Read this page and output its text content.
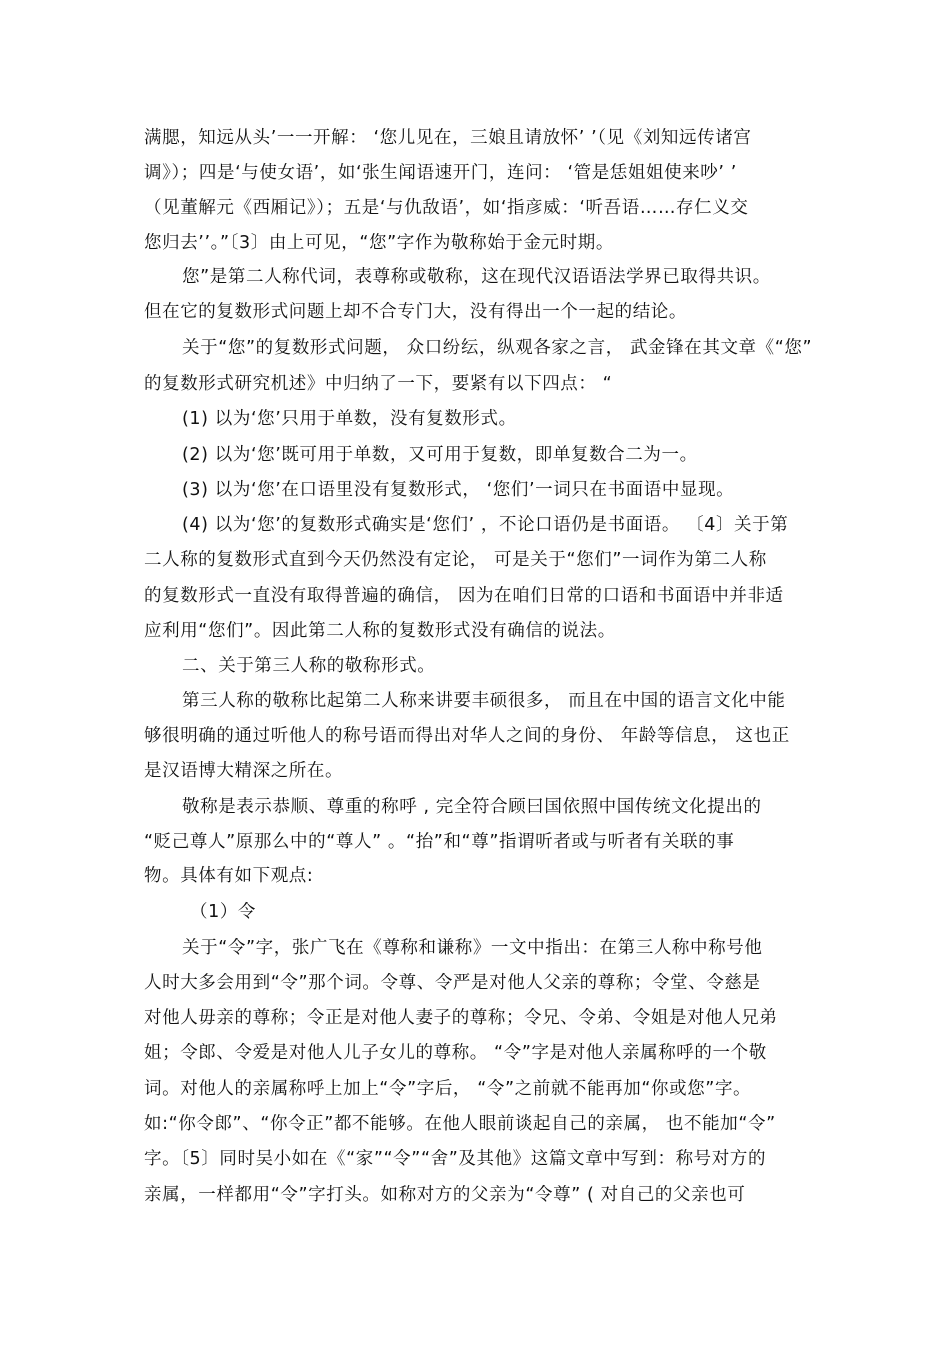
满腮，知远从头’一一开解： ‘您儿见在，三娘且请放怀’ ’（见《刘知远传诸宫
调》）；四是‘与使女语’，如‘张生闻语速开门，连问： ‘管是恁姐姐使来吵’ ’
（见董解元《西厢记》）；五是‘与仇敌语’，如‘指彦威：‘听吾语……存仁义交
您归去’’。”〔3〕由上可见，“您”字作为敬称始于金元时期。
您”是第二人称代词，表尊称或敬称，这在现代汉语语法学界已取得共识。
但在它的复数形式问题上却不合专门大，没有得出一个一起的结论。
关于“您”的复数形式问题， 众口纷纭，纵观各家之言， 武金锋在其文章《“您”
的复数形式研究机述》中归纳了一下，要紧有以下四点： “
(1) 以为‘您’只用于单数，没有复数形式。
(2) 以为‘您’既可用于单数，又可用于复数，即单复数合二为一。
(3) 以为‘您’在口语里没有复数形式， ‘您们’一词只在书面语中显现。
(4) 以为‘您’的复数形式确实是‘您们’ ，不论口语仍是书面语。 〔4〕关于第
二人称的复数形式直到今天仍然没有定论， 可是关于“您们”一词作为第二人称
的复数形式一直没有取得普遍的确信， 因为在咱们日常的口语和书面语中并非适
应利用“您们”。因此第二人称的复数形式没有确信的说法。
二、关于第三人称的敬称形式。
第三人称的敬称比起第二人称来讲要丰硕很多， 而且在中国的语言文化中能
够很明确的通过听他人的称号语而得出对华人之间的身份、 年龄等信息， 这也正
是汉语博大精深之所在。
敬称是表示恭顺、尊重的称呼 , 完全符合顾曰国依照中国传统文化提出的
“贬己尊人”原那么中的“尊人” 。“抬”和“尊”指谓听者或与听者有关联的事
物。具体有如下观点:
（1）令
关于“令”字，张广飞在《尊称和谦称》一文中指出：在第三人称中称号他
人时大多会用到“令”那个词。令尊、令严是对他人父亲的尊称；令堂、令慈是
对他人毋亲的尊称；令正是对他人妻子的尊称；令兄、令弟、令姐是对他人兄弟
姐；令郎、令爱是对他人儿子女儿的尊称。 “令”字是对他人亲属称呼的一个敬
词。对他人的亲属称呼上加上“令”字后， “令”之前就不能再加“你或您”字。
如:“你令郎”、“你令正”都不能够。在他人眼前谈起自己的亲属， 也不能加“令”
字。〔5〕同时吴小如在《“家”“令”“舍”及其他》这篇文章中写到：称号对方的
亲属，一样都用“令”字打头。如称对方的父亲为“令尊” ( 对自己的父亲也可
